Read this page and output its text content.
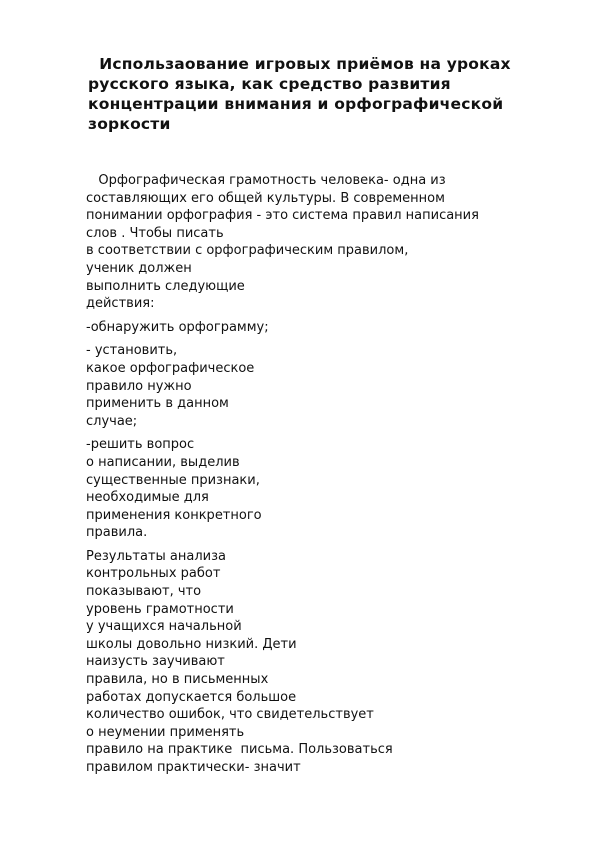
Использаование игровых приёмов на уроках
русского языка, как средство развития
концентрации внимания и орфографической
зоркости
Орфографическая грамотность человека- одна из
составляющих его общей культуры. В современном
понимании орфография - это система правил написания
слов . Чтобы писать
в соответствии с орфографическим правилом,
ученик должен
выполнить следующие
действия:
-обнаружить орфограмму;
- установить,
какое орфографическое
правило нужно
применить в данном
случае;
-решить вопрос
о написании, выделив
существенные признаки,
необходимые для
применения конкретного
правила.
Результаты анализа
контрольных работ
показывают, что
уровень грамотности
у учащихся начальной
школы довольно низкий. Дети
наизусть заучивают
правила, но в письменных
работах допускается большое
количество ошибок, что свидетельствует
о неумении применять
правило на практике  письма. Пользоваться
правилом практически- значит
